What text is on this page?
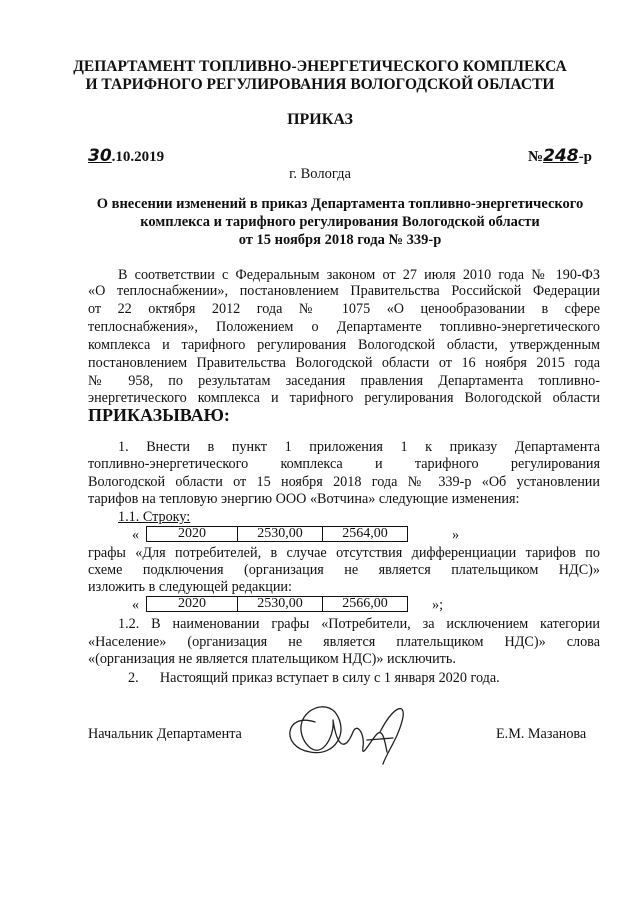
ДЕПАРТАМЕНТ ТОПЛИВНО-ЭНЕРГЕТИЧЕСКОГО КОМПЛЕКСА
И ТАРИФНОГО РЕГУЛИРОВАНИЯ ВОЛОГОДСКОЙ ОБЛАСТИ
ПРИКАЗ
30.10.2019	№248-р
г. Вологда
О внесении изменений в приказ Департамента топливно-энергетического
комплекса и тарифного регулирования Вологодской области
от 15 ноября 2018 года № 339-р
В соответствии с Федеральным законом от 27 июля 2010 года № 190-ФЗ
«О теплоснабжении», постановлением Правительства Российской Федерации
от 22 октября 2012 года № 1075 «О ценообразовании в сфере
теплоснабжения», Положением о Департаменте топливно-энергетического
комплекса и тарифного регулирования Вологодской области, утвержденным
постановлением Правительства Вологодской области от 16 ноября 2015 года
№ 958, по результатам заседания правления Департамента топливно-
энергетического комплекса и тарифного регулирования Вологодской области
ПРИКАЗЫВАЮ:
1. Внести в пункт 1 приложения 1 к приказу Департамента
топливно-энергетического комплекса и тарифного регулирования
Вологодской области от 15 ноября 2018 года № 339-р «Об установлении
тарифов на тепловую энергию ООО «Вотчина» следующие изменения:
1.1. Строку:
«	2020	2530,00	2564,00	»
графы «Для потребителей, в случае отсутствия дифференциации тарифов по
схеме подключения (организация не является плательщиком НДС)»
изложить в следующей редакции:
«	2020	2530,00	2566,00	»;
1.2. В наименовании графы «Потребители, за исключением категории
«Население» (организация не является плательщиком НДС)» слова
«(организация не является плательщиком НДС)» исключить.
2.      Настоящий приказ вступает в силу с 1 января 2020 года.
Начальник Департамента	Е.М. Мазанова
